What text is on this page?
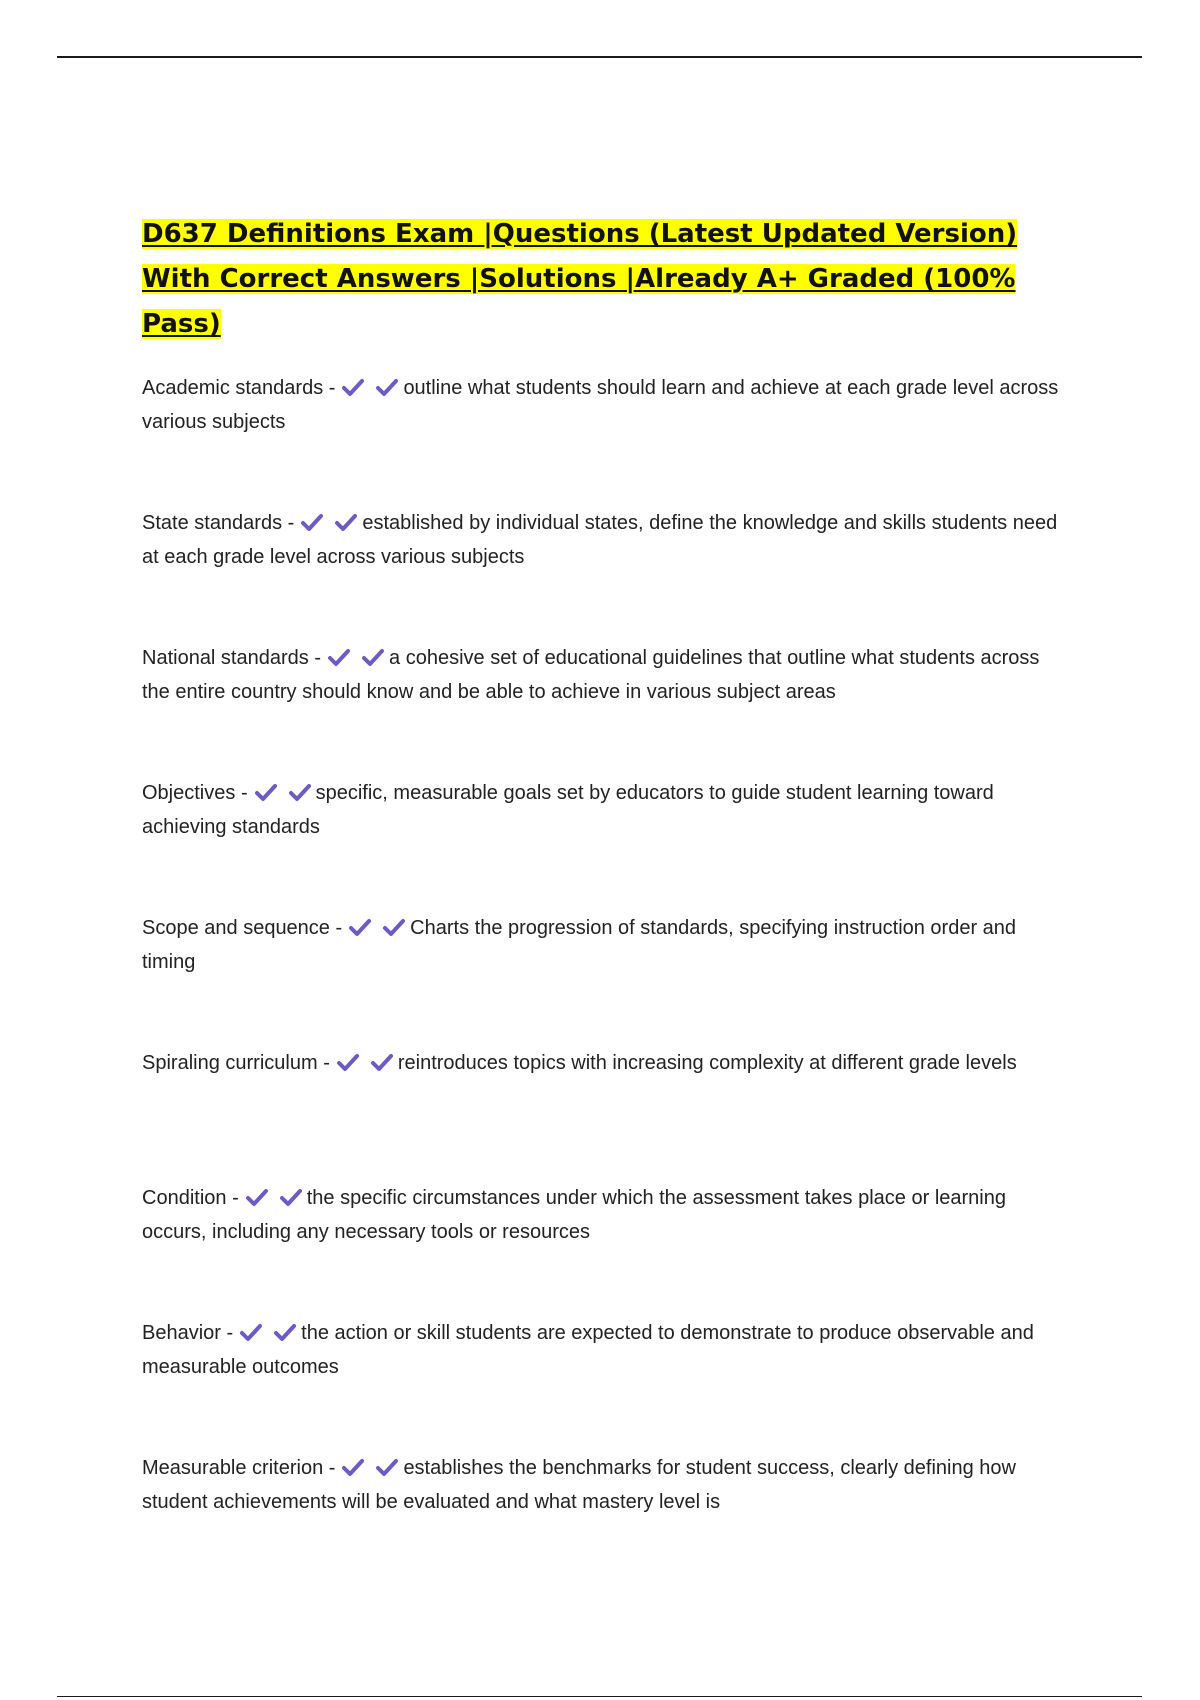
D637 Definitions Exam |Questions (Latest Updated Version) With Correct Answers |Solutions |Already A+ Graded (100% Pass)
Academic standards -	outline what students should learn and achieve at each grade level across various subjects
State standards -	established by individual states, define the knowledge and skills students need at each grade level across various subjects
National standards -	a cohesive set of educational guidelines that outline what students across the entire country should know and be able to achieve in various subject areas
Objectives -	specific, measurable goals set by educators to guide student learning toward achieving standards
Scope and sequence -	Charts the progression of standards, specifying instruction order and timing
Spiraling curriculum -	reintroduces topics with increasing complexity at different grade levels
Condition -	the specific circumstances under which the assessment takes place or learning occurs, including any necessary tools or resources
Behavior -	the action or skill students are expected to demonstrate to produce observable and measurable outcomes
Measurable criterion -	establishes the benchmarks for student success, clearly defining how student achievements will be evaluated and what mastery level is
